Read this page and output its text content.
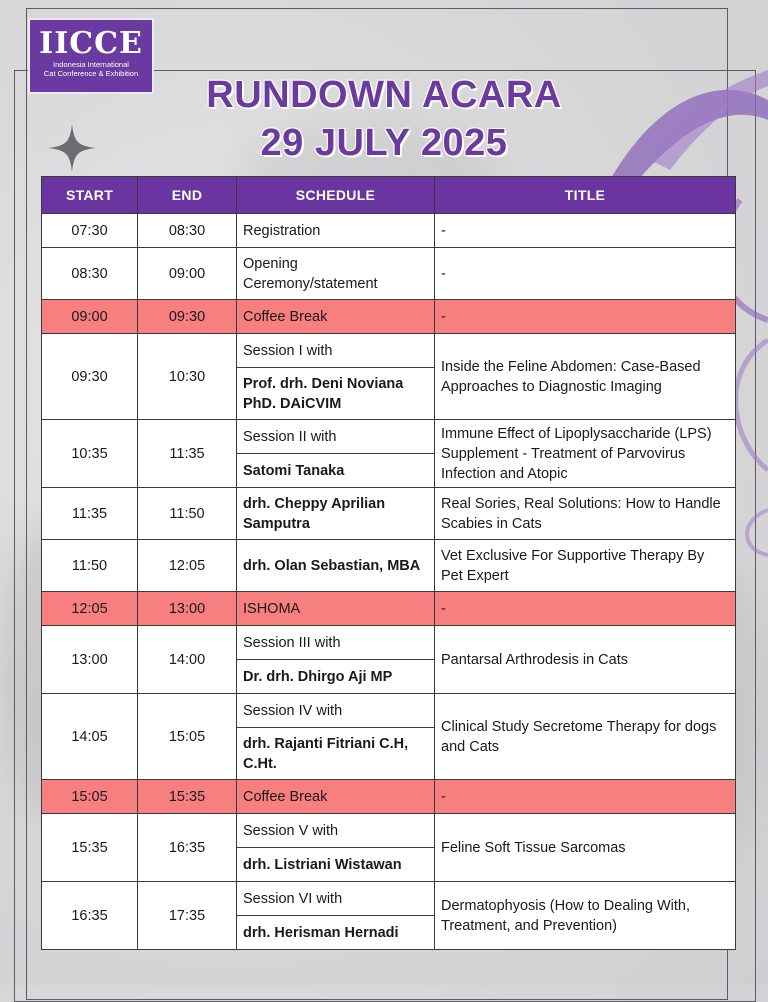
IICCE
Indonesia International
Cat Conference & Exhibition
RUNDOWN ACARA
29 JULY 2025
START	END	SCHEDULE	TITLE
07:30	08:30	Registration	-
08:30	09:00	Opening Ceremony/statement	-
09:00	09:30	Coffee Break	-
09:30	10:30	Session I with	Inside the Feline Abdomen: Case-Based Approaches to Diagnostic Imaging
		Prof. drh. Deni Noviana PhD. DAiCVIM	
10:35	11:35	Session II with	Immune Effect of Lipoplysaccharide (LPS) Supplement - Treatment of Parvovirus Infection and Atopic
		Satomi Tanaka	
11:35	11:50	drh. Cheppy Aprilian Samputra	Real Sories, Real Solutions: How to Handle Scabies in Cats
11:50	12:05	drh. Olan Sebastian, MBA	Vet Exclusive For Supportive Therapy By Pet Expert
12:05	13:00	ISHOMA	-
13:00	14:00	Session III with	Pantarsal Arthrodesis in Cats
		Dr. drh. Dhirgo Aji MP	
14:05	15:05	Session IV with	Clinical Study Secretome Therapy for dogs and Cats
		drh. Rajanti Fitriani C.H, C.Ht.	
15:05	15:35	Coffee Break	-
15:35	16:35	Session V with	Feline Soft Tissue Sarcomas
		drh. Listriani Wistawan	
16:35	17:35	Session VI with	Dermatophyosis (How to Dealing With, Treatment, and Prevention)
		drh. Herisman Hernadi	
